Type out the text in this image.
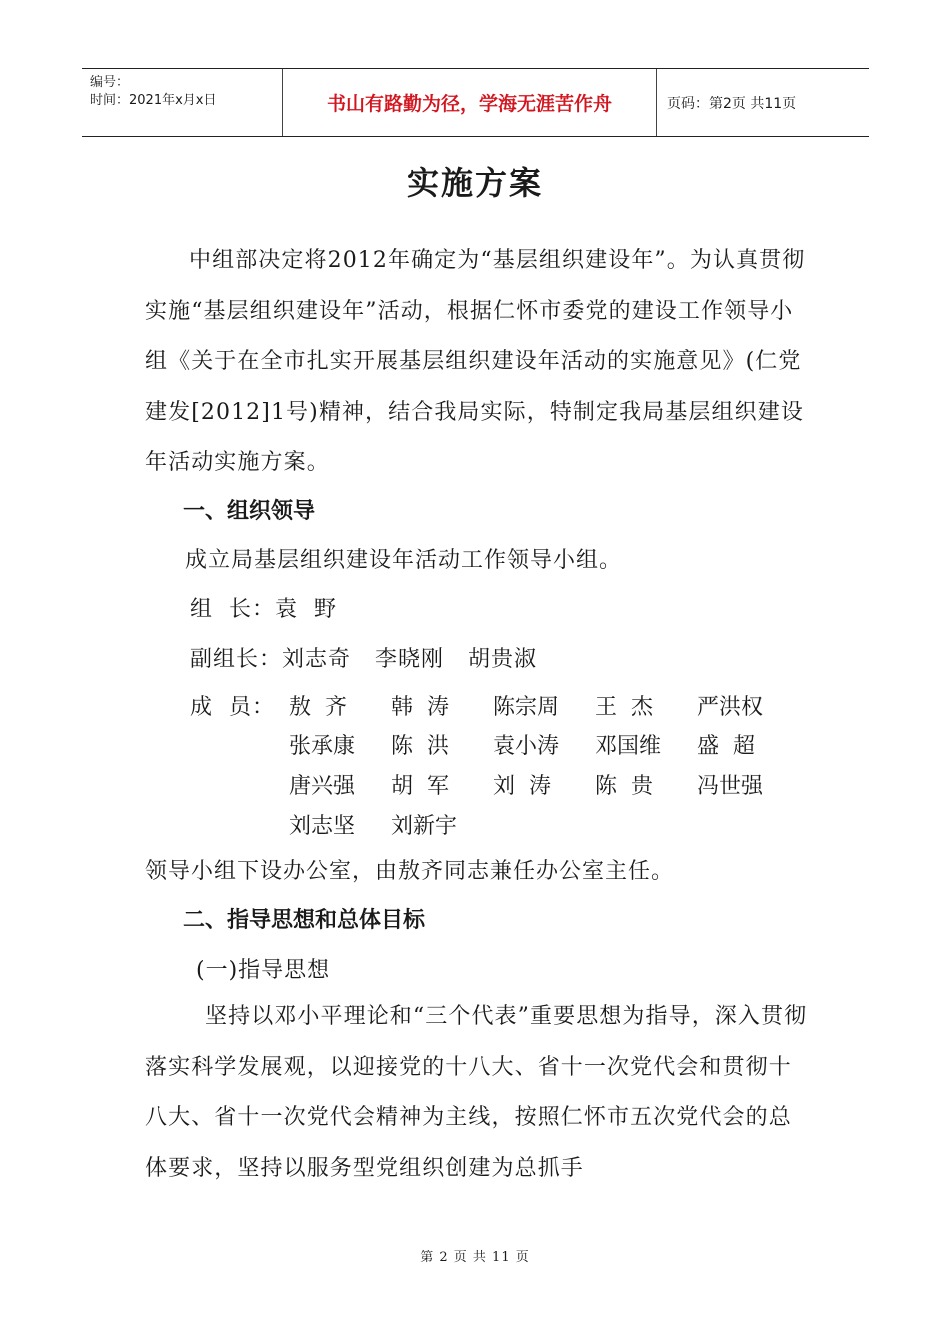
编号：
时间：2021年x月x日	书山有路勤为径，学海无涯苦作舟	页码：第2页 共11页
实施方案

中组部决定将2012年确定为“基层组织建设年”。为认真贯彻实施“基层组织建设年”活动，根据仁怀市委党的建设工作领导小组《关于在全市扎实开展基层组织建设年活动的实施意见》(仁党建发[2012]1号)精神，结合我局实际，特制定我局基层组织建设年活动实施方案。

一、组织领导
成立局基层组织建设年活动工作领导小组。
组  长：袁  野
副组长：刘志奇   李晓刚   胡贵淑
成  员： 敖  齐 韩  涛 陈宗周 王  杰 严洪权
张承康 陈  洪 袁小涛 邓国维 盛  超
唐兴强 胡  军 刘  涛 陈  贵 冯世强
刘志坚 刘新宇
领导小组下设办公室，由敖齐同志兼任办公室主任。
二、指导思想和总体目标
(一)指导思想

坚持以邓小平理论和“三个代表”重要思想为指导，深入贯彻落实科学发展观，以迎接党的十八大、省十一次党代会和贯彻十八大、省十一次党代会精神为主线，按照仁怀市五次党代会的总体要求，坚持以服务型党组织创建为总抓手

第 2 页 共 11 页
